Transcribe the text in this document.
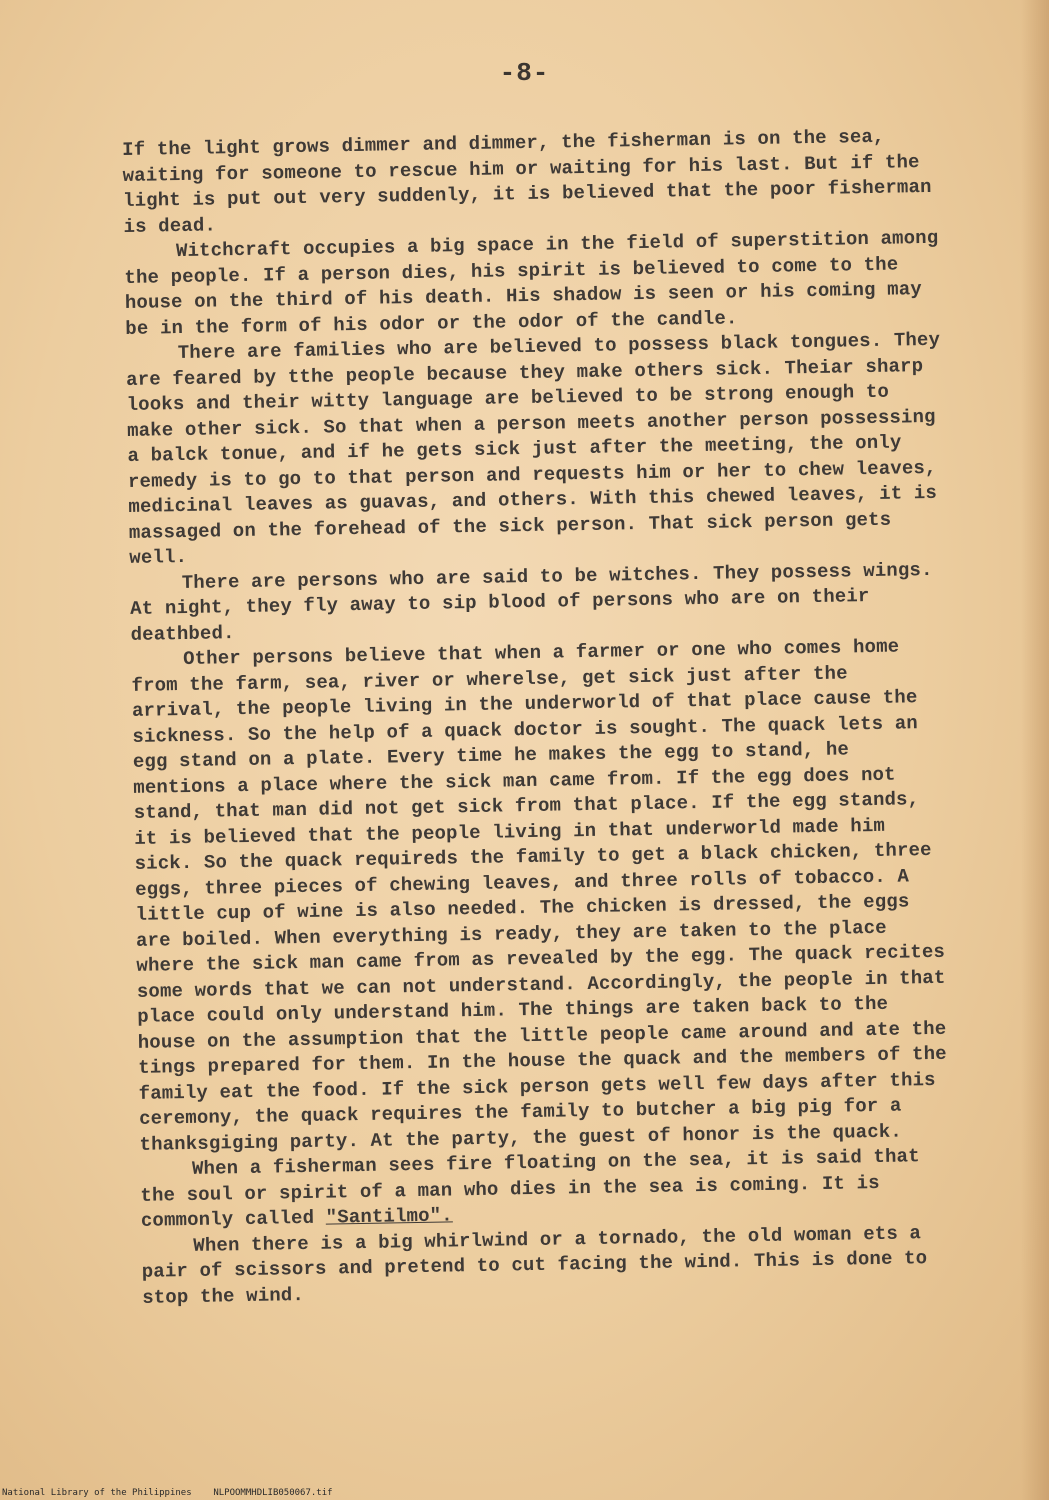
-8-

If the light grows dimmer and dimmer, the fisherman is on the sea, waiting for someone to rescue him or waiting for his last. But if the light is put out very suddenly, it is believed that the poor fisherman is dead.

Witchcraft occupies a big space in the field of superstition among the people. If a person dies, his spirit is believed to come to the house on the third of his death. His shadow is seen or his coming may be in the form of his odor or the odor of the candle.

There are families who are believed to possess black tongues. They are feared by tthe people because they make others sick. Theiar sharp looks and their witty language are believed to be strong enough to make other sick. So that when a person meets another person possessing a balck tonue, and if he gets sick just after the meeting, the only remedy is to go to that person and requests him or her to chew leaves, medicinal leaves as guavas, and others. With this chewed leaves, it is massaged on the forehead of the sick person. That sick person gets well.

There are persons who are said to be witches. They possess wings. At night, they fly away to sip blood of persons who are on their deathbed.

Other persons believe that when a farmer or one who comes home from the farm, sea, river or wherelse, get sick just after the arrival, the people living in the underworld of that place cause the sickness. So the help of a quack doctor is sought. The quack lets an egg stand on a plate. Every time he makes the egg to stand, he mentions a place where the sick man came from. If the egg does not stand, that man did not get sick from that place. If the egg stands, it is believed that the people living in that underworld made him sick. So the quack requireds the family to get a black chicken, three eggs, three pieces of chewing leaves, and three rolls of tobacco. A little cup of wine is also needed. The chicken is dressed, the eggs are boiled. When everything is ready, they are taken to the place where the sick man came from as revealed by the egg. The quack recites some words that we can not understand. Accordingly, the people in that place could only understand him. The things are taken back to the house on the assumption that the little people came around and ate the tings prepared for them. In the house the quack and the members of the family eat the food. If the sick person gets well few days after this ceremony, the quack requires the family to butcher a big pig for a thanksgiging party. At the party, the guest of honor is the quack.

When a fisherman sees fire floating on the sea, it is said that the soul or spirit of a man who dies in the sea is coming. It is commonly called "Santilmo".

When there is a big whirlwind or a tornado, the old woman ets a pair of scissors and pretend to cut facing the wind. This is done to stop the wind.

National Library of the Philippines NLPOOMMHDLIB050067.tif
